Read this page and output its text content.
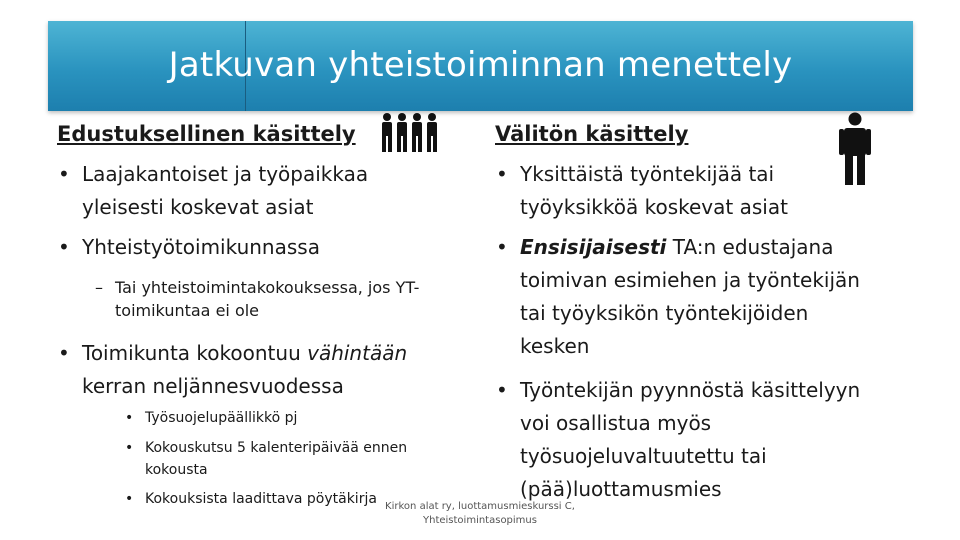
Jatkuvan yhteistoiminnan menettely
Edustuksellinen käsittely
• Laajakantoiset ja työpaikkaa yleisesti koskevat asiat
• Yhteistyötoimikunnassa
– Tai yhteistoimintakokouksessa, jos YT-toimikuntaa ei ole
• Toimikunta kokoontuu vähintään kerran neljännesvuodessa
• Työsuojelupäällikkö pj
• Kokouskutsu 5 kalenteripäivää ennen kokousta
• Kokouksista laadittava pöytäkirja
Välitön käsittely
• Yksittäistä työntekijää tai työyksikköä koskevat asiat
• Ensisijaisesti TA:n edustajana toimivan esimiehen ja työntekijän tai työyksikön työntekijöiden kesken
• Työntekijän pyynnöstä käsittelyyn voi osallistua myös työsuojeluvaltuutettu tai (pää)luottamusmies
Kirkon alat ry, luottamusmieskurssi C,
Yhteistoimintasopimus
